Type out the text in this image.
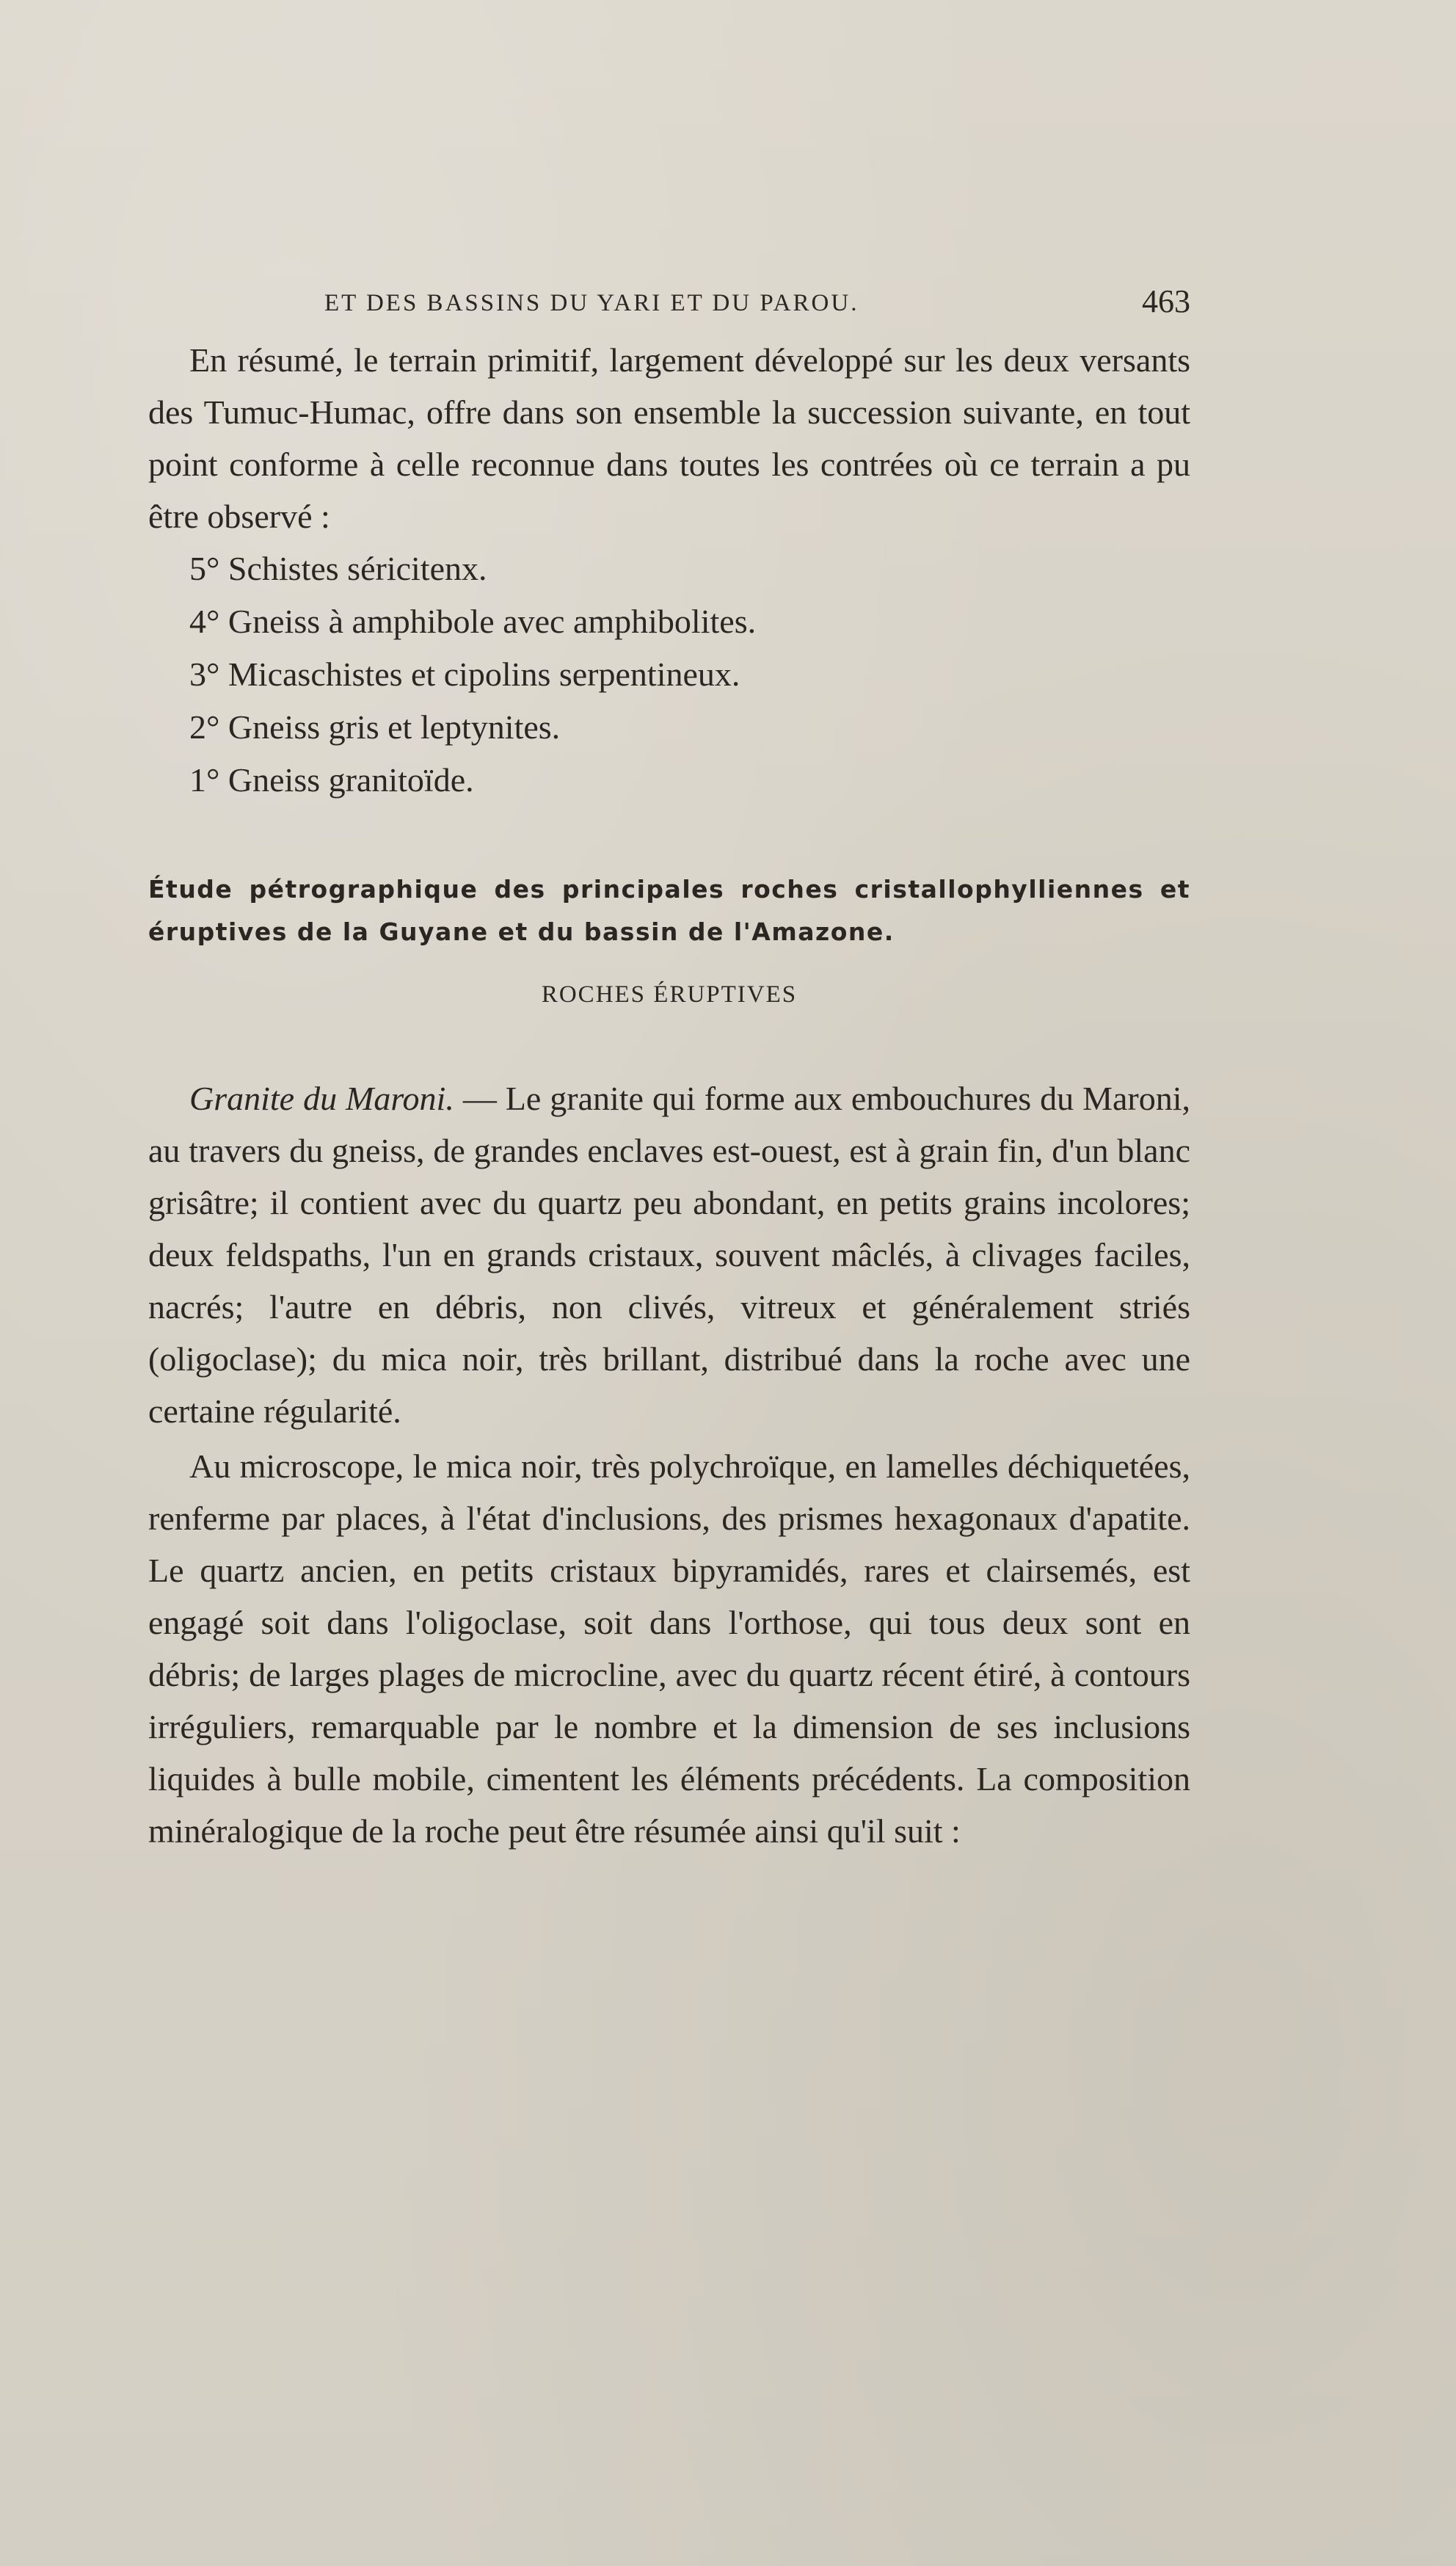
ET DES BASSINS DU YARI ET DU PAROU.	463

En résumé, le terrain primitif, largement développé sur les deux versants des Tumuc-Humac, offre dans son ensemble la succession suivante, en tout point conforme à celle reconnue dans toutes les contrées où ce terrain a pu être observé :

5° Schistes séricitenx.
4° Gneiss à amphibole avec amphibolites.
3° Micaschistes et cipolins serpentineux.
2° Gneiss gris et leptynites.
1° Gneiss granitoïde.
Étude pétrographique des principales roches cristallophylliennes et éruptives de la Guyane et du bassin de l'Amazone.
ROCHES ÉRUPTIVES

Granite du Maroni. — Le granite qui forme aux embouchures du Maroni, au travers du gneiss, de grandes enclaves est-ouest, est à grain fin, d'un blanc grisâtre; il contient avec du quartz peu abondant, en petits grains incolores; deux feldspaths, l'un en grands cristaux, souvent mâclés, à clivages faciles, nacrés; l'autre en débris, non clivés, vitreux et généralement striés (oligoclase); du mica noir, très brillant, distribué dans la roche avec une certaine régularité.

Au microscope, le mica noir, très polychroïque, en lamelles déchiquetées, renferme par places, à l'état d'inclusions, des prismes hexagonaux d'apatite. Le quartz ancien, en petits cristaux bipyramidés, rares et clairsemés, est engagé soit dans l'oligoclase, soit dans l'orthose, qui tous deux sont en débris; de larges plages de microcline, avec du quartz récent étiré, à contours irréguliers, remarquable par le nombre et la dimension de ses inclusions liquides à bulle mobile, cimentent les éléments précédents. La composition minéralogique de la roche peut être résumée ainsi qu'il suit :
